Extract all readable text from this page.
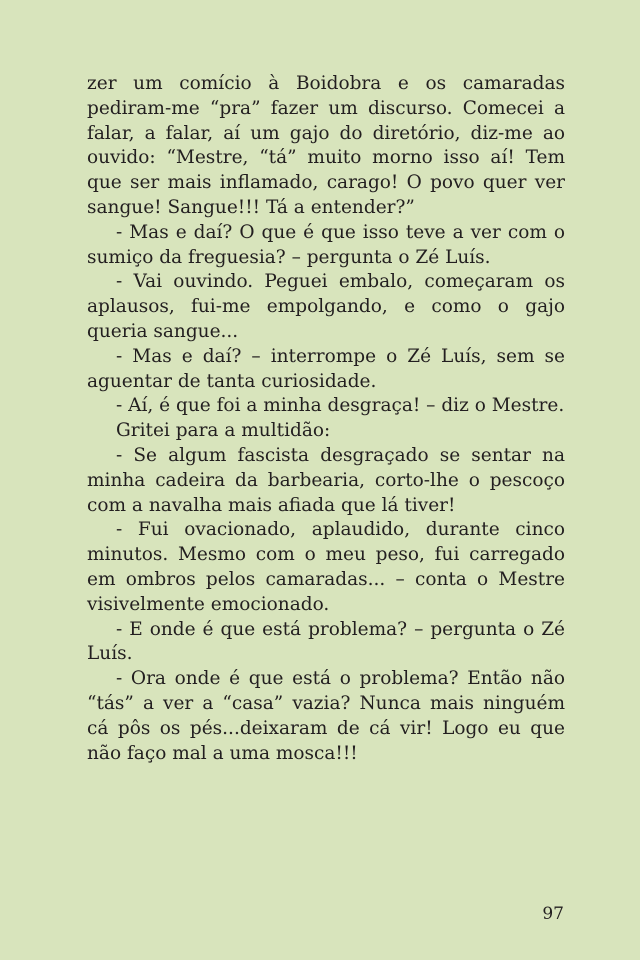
zer um comício à Boidobra e os camaradas pediram-me “pra” fazer um discurso. Comecei a falar, a falar, aí um gajo do diretório, diz-me ao ouvido: “Mestre, “tá” muito morno isso aí! Tem que ser mais inflamado, carago! O povo quer ver sangue! Sangue!!! Tá a entender?”

- Mas e daí? O que é que isso teve a ver com o sumiço da freguesia? – pergunta o Zé Luís.

- Vai ouvindo. Peguei embalo, começaram os aplausos, fui-me empolgando, e como o gajo queria sangue...

- Mas e daí? – interrompe o Zé Luís, sem se aguentar de tanta curiosidade.

- Aí, é que foi a minha desgraça! – diz o Mestre.

Gritei para a multidão:

- Se algum fascista desgraçado se sentar na minha cadeira da barbearia, corto-lhe o pescoço com a navalha mais afiada que lá tiver!

- Fui ovacionado, aplaudido, durante cinco minutos. Mesmo com o meu peso, fui carregado em ombros pelos camaradas... – conta o Mestre visivelmente emocionado.

- E onde é que está problema? – pergunta o Zé Luís.

- Ora onde é que está o problema? Então não “tás” a ver a “casa” vazia? Nunca mais ninguém cá pôs os pés...deixaram de cá vir! Logo eu que não faço mal a uma mosca!!!

97
